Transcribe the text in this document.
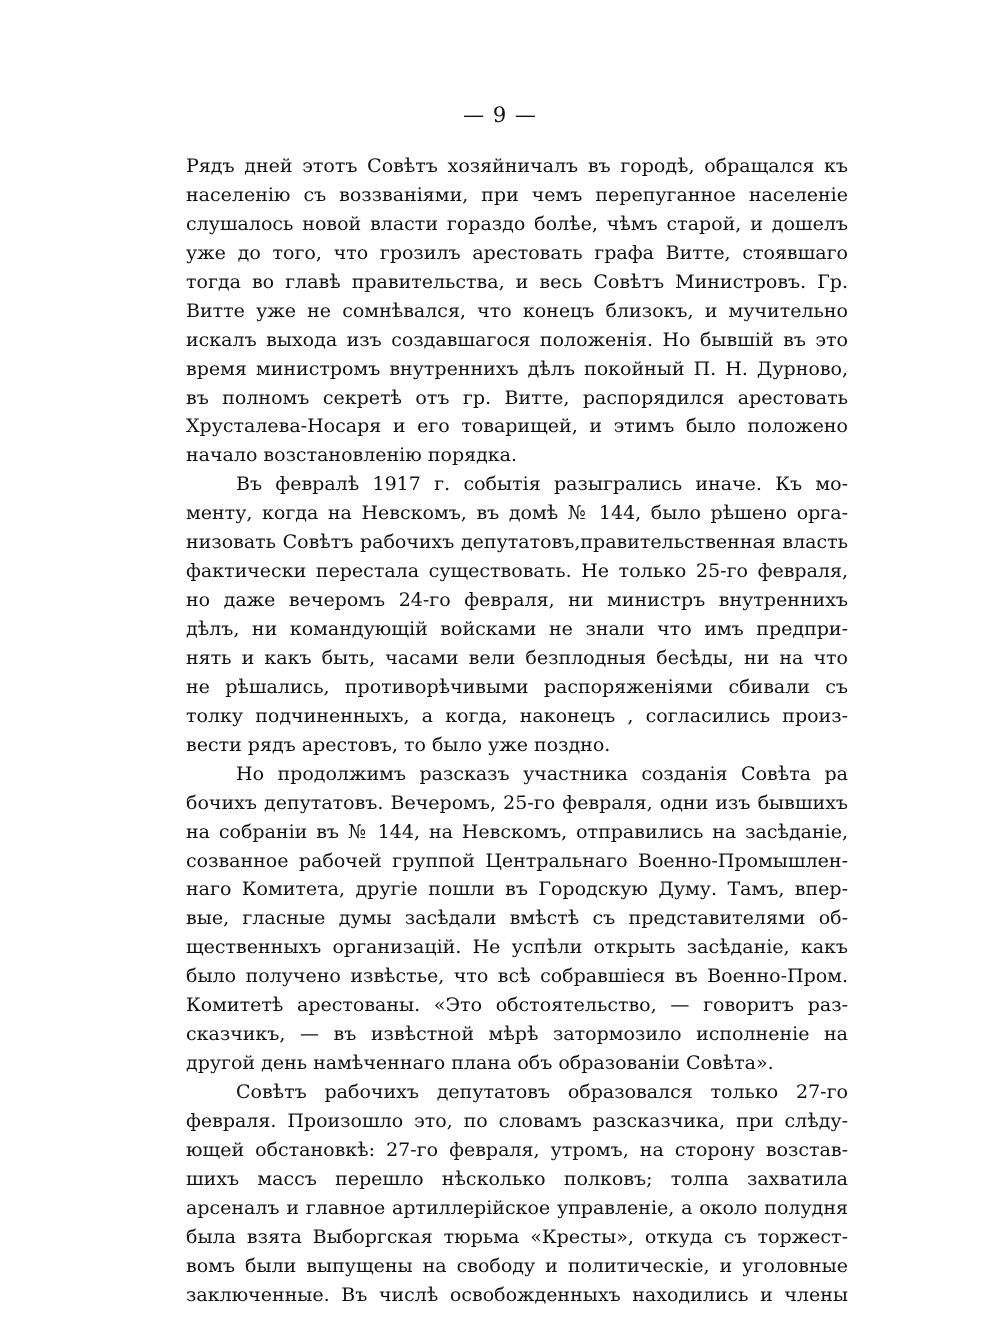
— 9 —
Рядъ дней этотъ Совѣтъ хозяйничалъ въ городѣ, обращался къ
населенію съ воззваніями, при чемъ перепуганное населеніе
слушалось новой власти гораздо болѣе, чѣмъ старой, и дошелъ
уже до того, что грозилъ арестовать графа Витте, стоявшаго
тогда во главѣ правительства, и весь Совѣтъ Министровъ. Гр.
Витте уже не сомнѣвался, что конецъ близокъ, и мучительно
искалъ выхода изъ создавшагося положенія. Но бывшій въ это
время министромъ внутреннихъ дѣлъ покойный П. Н. Дурново,
въ полномъ секретѣ отъ гр. Витте, распорядился арестовать
Хрусталева-Носаря и его товарищей, и этимъ было положено
начало возстановленію порядка.
Въ февралѣ 1917 г. событія разыгрались иначе. Къ мо-
менту, когда на Невскомъ, въ домѣ № 144, было рѣшено орга-
низовать Совѣтъ рабочихъ депутатовъ,правительственная власть
фактически перестала существовать. Не только 25-го февраля,
но даже вечеромъ 24-го февраля, ни министръ внутреннихъ
дѣлъ, ни командующій войсками не знали что имъ предпри-
нять и какъ быть, часами вели безплодныя бесѣды, ни на что
не рѣшались, противорѣчивыми распоряженіями сбивали съ
толку подчиненныхъ, а когда, наконецъ , согласились произ-
вести рядъ арестовъ, то было уже поздно.
Но продолжимъ разсказъ участника созданія Совѣта ра
бочихъ депутатовъ. Вечеромъ, 25-го февраля, одни изъ бывшихъ
на собраніи въ № 144, на Невскомъ, отправились на засѣданіе,
созванное рабочей группой Центральнаго Военно-Промышлен-
наго Комитета, другіе пошли въ Городскую Думу. Тамъ, впер-
вые, гласные думы засѣдали вмѣстѣ съ представителями об-
щественныхъ организацій. Не успѣли открыть засѣданіе, какъ
было получено извѣстье, что всѣ собравшіеся въ Военно-Пром.
Комитетѣ арестованы. «Это обстоятельство, — говоритъ раз-
сказчикъ, — въ извѣстной мѣрѣ затормозило исполненіе на
другой день намѣченнаго плана объ образованіи Совѣта».
Совѣтъ рабочихъ депутатовъ образовался только 27-го
февраля. Произошло это, по словамъ разсказчика, при слѣду-
ющей обстановкѣ: 27-го февраля, утромъ, на сторону возстав-
шихъ массъ перешло нѣсколько полковъ; толпа захватила
арсеналъ и главное артиллерійское управленіе, а около полудня
была взята Выборгская тюрьма «Кресты», откуда съ торжест-
вомъ были выпущены на свободу и политическіе, и уголовные
заключенные. Въ числѣ освобожденныхъ находились и члены
